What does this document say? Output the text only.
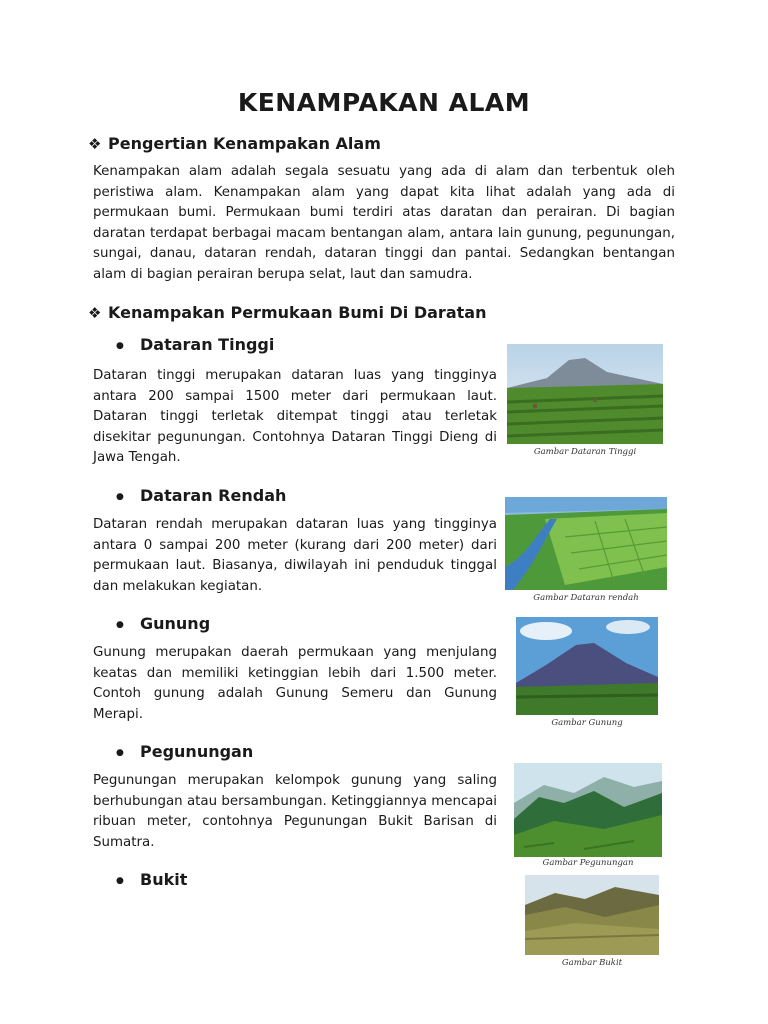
KENAMPAKAN ALAM
❖ Pengertian Kenampakan Alam

Kenampakan alam adalah segala sesuatu yang ada di alam dan terbentuk oleh peristiwa alam. Kenampakan alam yang dapat kita lihat adalah yang ada di permukaan bumi. Permukaan bumi terdiri atas daratan dan perairan. Di bagian daratan terdapat berbagai macam bentangan alam, antara lain gunung, pegunungan, sungai, danau, dataran rendah, dataran tinggi dan pantai. Sedangkan bentangan alam di bagian perairan berupa selat, laut dan samudra.

❖ Kenampakan Permukaan Bumi Di Daratan
● Dataran Tinggi

Dataran tinggi merupakan dataran luas yang tingginya antara 200 sampai 1500 meter dari permukaan laut. Dataran tinggi terletak ditempat tinggi atau terletak disekitar pegunungan. Contohnya Dataran Tinggi Dieng di Jawa Tengah.	Gambar Dataran Tinggi
● Dataran Rendah

Dataran rendah merupakan dataran luas yang tingginya antara 0 sampai 200 meter (kurang dari 200 meter) dari permukaan laut. Biasanya, diwilayah ini penduduk tinggal dan melakukan kegiatan.

Gambar Dataran rendah
● Gunung

Gunung merupakan daerah permukaan yang menjulang keatas dan memiliki ketinggian lebih dari 1.500 meter. Contoh gunung adalah Gunung Semeru dan Gunung Merapi.

Gambar Gunung
● Pegunungan

Pegunungan merupakan kelompok gunung yang saling berhubungan atau bersambungan. Ketinggiannya mencapai ribuan meter, contohnya Pegunungan Bukit Barisan di Sumatra.

Gambar Pegunungan
● Bukit
Gambar Bukit
